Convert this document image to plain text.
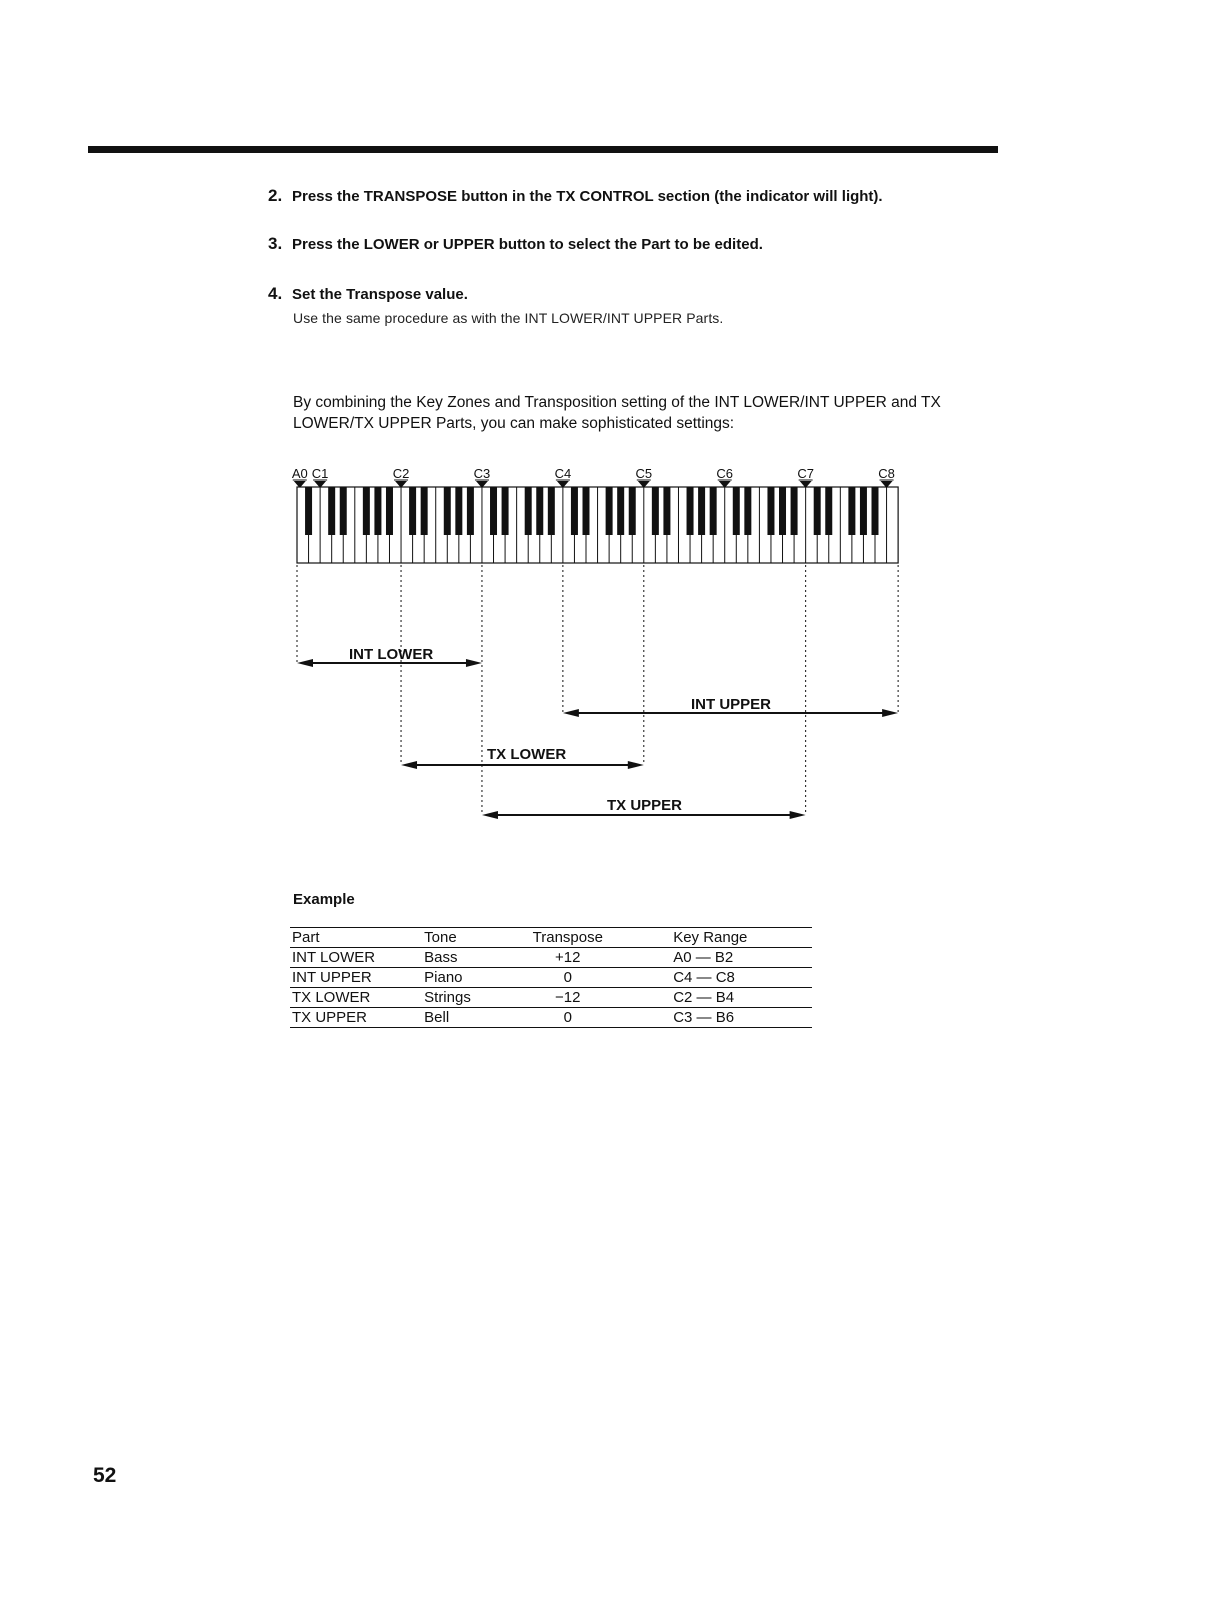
2. Press the TRANSPOSE button in the TX CONTROL section (the indicator will light).
3. Press the LOWER or UPPER button to select the Part to be edited.
4. Set the Transpose value.
Use the same procedure as with the INT LOWER/INT UPPER Parts.
By combining the Key Zones and Transposition setting of the INT LOWER/INT UPPER and TX LOWER/TX UPPER Parts, you can make sophisticated settings:
A0 C1	C2	C3	C4	C5	C6	C7	C8
INT LOWER
INT UPPER
TX LOWER
TX UPPER
Example
Part	Tone	Transpose	Key Range
INT LOWER	Bass	+12	A0 — B2
INT UPPER	Piano	0	C4 — C8
TX LOWER	Strings	−12	C2 — B4
TX UPPER	Bell	0	C3 — B6
52
